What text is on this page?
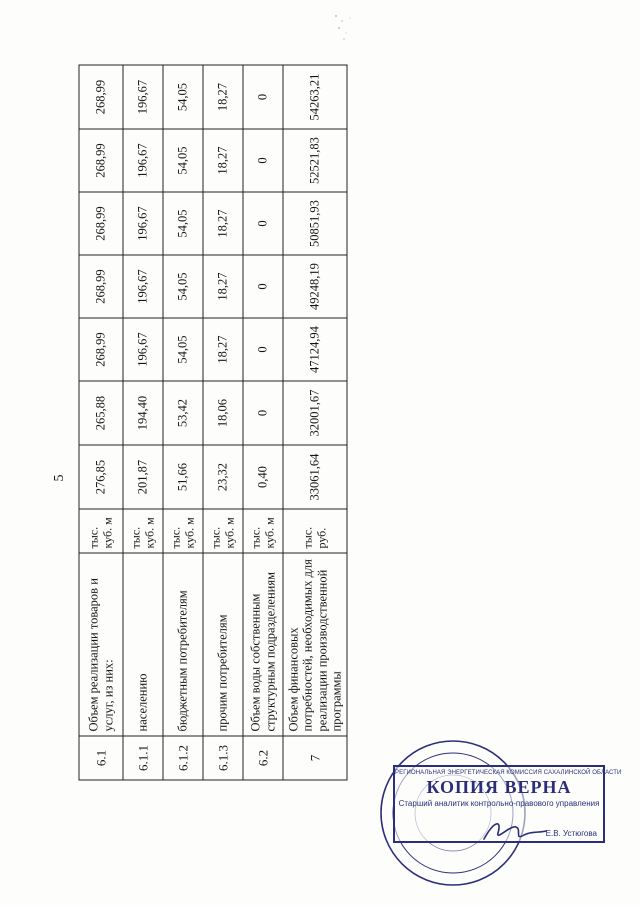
5
6.1	Объем реализации товаров и услуг, из них:	тыс. куб. м	276,85	265,88	268,99	268,99	268,99	268,99	268,99
6.1.1	населению	тыс. куб. м	201,87	194,40	196,67	196,67	196,67	196,67	196,67
6.1.2	бюджетным потребителям	тыс. куб. м	51,66	53,42	54,05	54,05	54,05	54,05	54,05
6.1.3	прочим потребителям	тыс. куб. м	23,32	18,06	18,27	18,27	18,27	18,27	18,27
6.2	Объем воды собственным структурным подразделениям	тыс. куб. м	0,40	0	0	0	0	0	0
7	Объем финансовых потребностей, необходимых для реализации производственной программы	тыс. руб.	33061,64	32001,67	47124,94	49248,19	50851,93	52521,83	54263,21
РЕГИОНАЛЬНАЯ ЭНЕРГЕТИЧЕСКАЯ КОМИССИЯ САХАЛИНСКОЙ ОБЛАСТИ
КОПИЯ ВЕРНА
Старший аналитик контрольно-правового управления
Е.В. Устюгова
